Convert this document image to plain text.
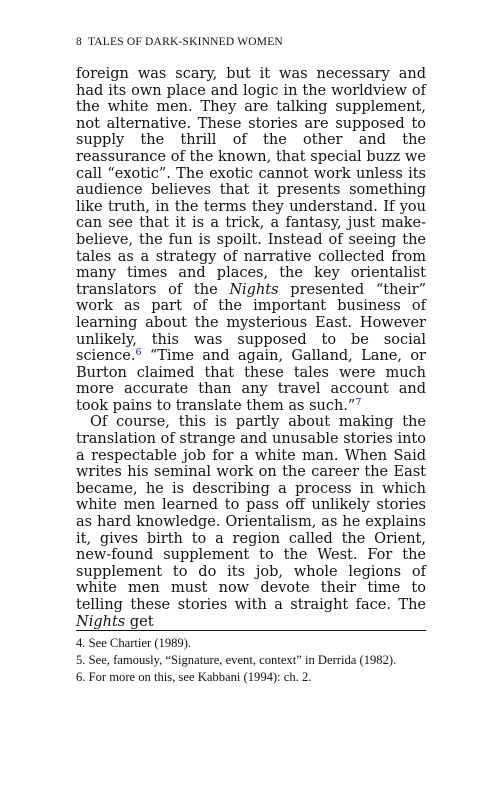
8 TALES OF DARK-SKINNED WOMEN

foreign was scary, but it was necessary and had its own place and logic in the worldview of the white men. They are talking supplement, not alternative. These stories are supposed to supply the thrill of the other and the reassurance of the known, that special buzz we call “exotic”. The exotic cannot work unless its audience believes that it presents something like truth, in the terms they understand. If you can see that it is a trick, a fantasy, just make-believe, the fun is spoilt. Instead of seeing the tales as a strategy of narrative collected from many times and places, the key orientalist translators of the Nights presented “their” work as part of the important business of learning about the mysterious East. However unlikely, this was supposed to be social science.$^6$ “Time and again, Galland, Lane, or Burton claimed that these tales were much more accurate than any travel account and took pains to translate them as such.”$^7$

Of course, this is partly about making the translation of strange and unusable stories into a respectable job for a white man. When Said writes his seminal work on the career the East became, he is describing a process in which white men learned to pass off unlikely stories as hard knowledge. Orientalism, as he explains it, gives birth to a region called the Orient, new-found supplement to the West. For the supplement to do its job, whole legions of white men must now devote their time to telling these stories with a straight face. The Nights get

4. See Chartier (1989).
5. See, famously, “Signature, event, context” in Derrida (1982).
6. For more on this, see Kabbani (1994): ch. 2.
